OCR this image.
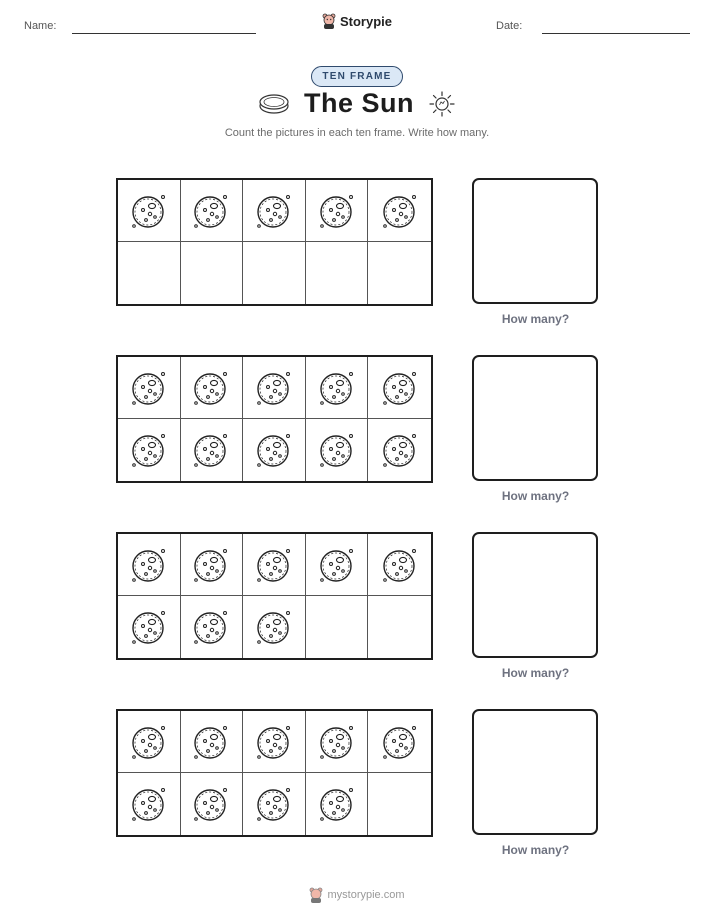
Name:	Date:
Storypie
TEN FRAME
The Sun
Count the pictures in each ten frame. Write how many.
How many?
How many?
How many?
How many?
mystorypie.com
